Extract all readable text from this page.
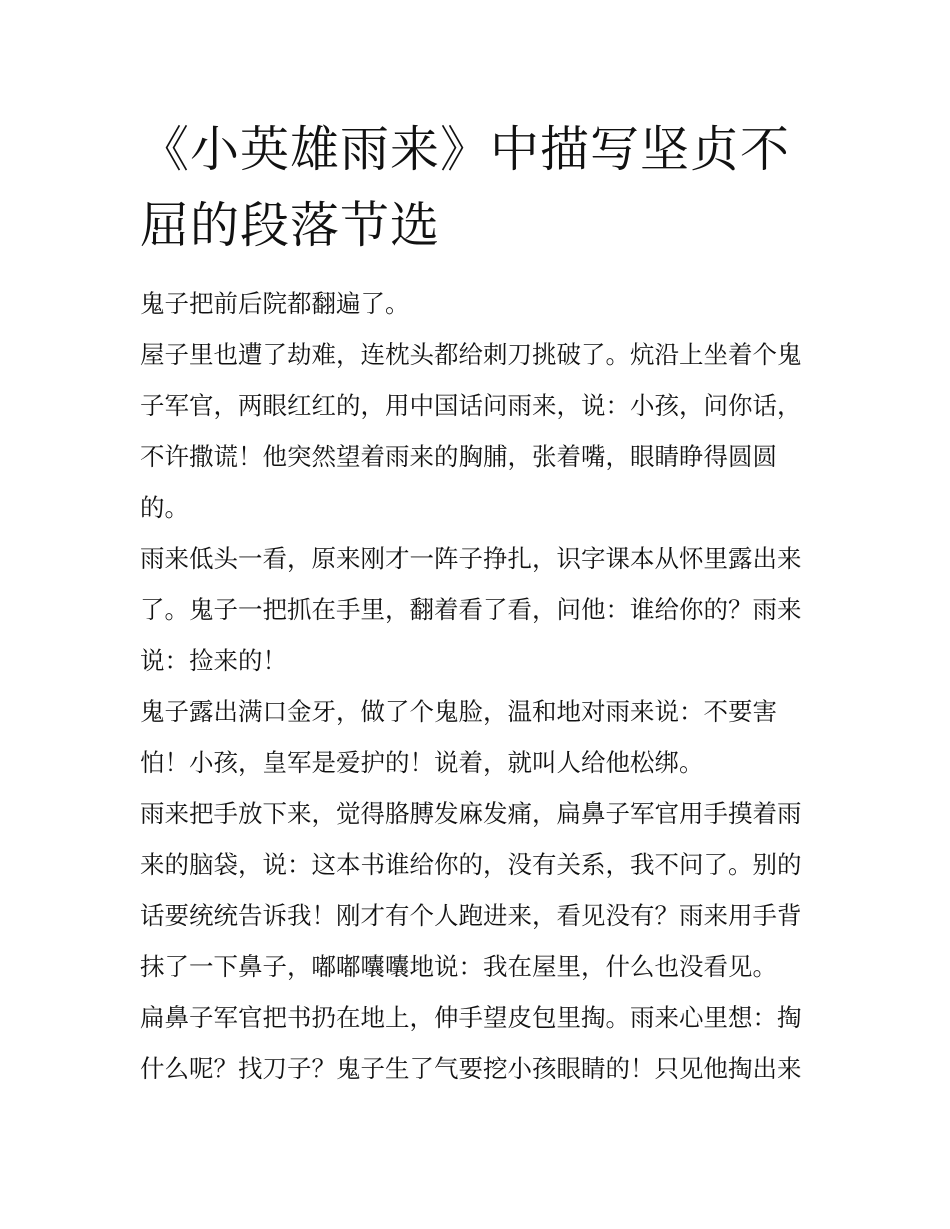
《小英雄雨来》中描写坚贞不屈的段落节选

鬼子把前后院都翻遍了。

屋子里也遭了劫难，连枕头都给刺刀挑破了。炕沿上坐着个鬼子军官，两眼红红的，用中国话问雨来，说：小孩，问你话，不许撒谎！他突然望着雨来的胸脯，张着嘴，眼睛睁得圆圆的。

雨来低头一看，原来刚才一阵子挣扎，识字课本从怀里露出来了。鬼子一把抓在手里，翻着看了看，问他：谁给你的？雨来说：捡来的！

鬼子露出满口金牙，做了个鬼脸，温和地对雨来说：不要害怕！小孩，皇军是爱护的！说着，就叫人给他松绑。

雨来把手放下来，觉得胳膊发麻发痛，扁鼻子军官用手摸着雨来的脑袋，说：这本书谁给你的，没有关系，我不问了。别的话要统统告诉我！刚才有个人跑进来，看见没有？雨来用手背抹了一下鼻子，嘟嘟囔囔地说：我在屋里，什么也没看见。

扁鼻子军官把书扔在地上，伸手望皮包里掏。雨来心里想：掏什么呢？找刀子？鬼子生了气要挖小孩眼睛的！只见他掏出来
